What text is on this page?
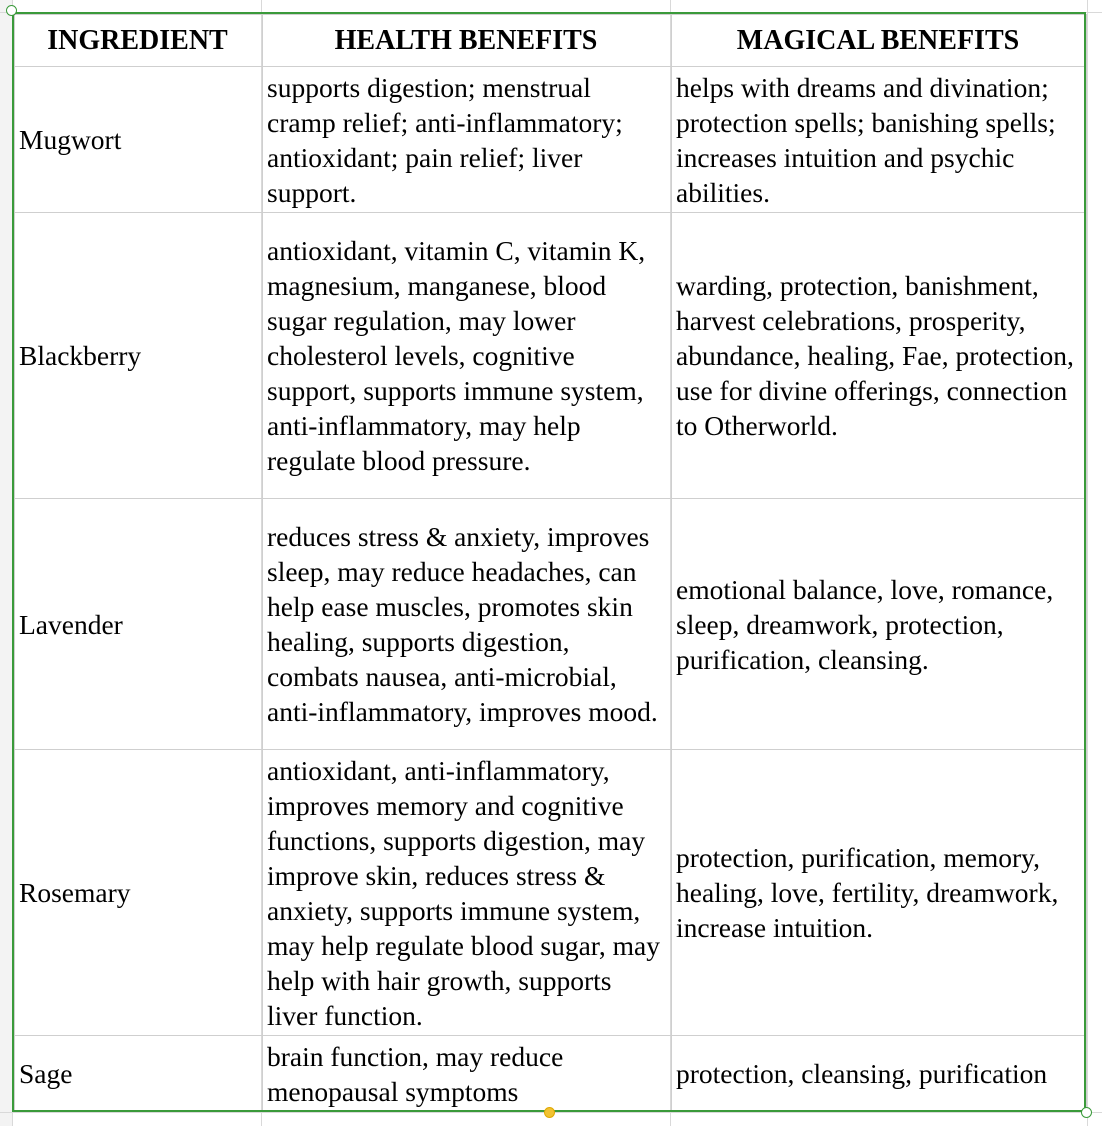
INGREDIENT	HEALTH BENEFITS	MAGICAL BENEFITS
Mugwort	supports digestion; menstrual cramp relief; anti-inflammatory; antioxidant; pain relief; liver support.	helps with dreams and divination; protection spells; banishing spells; increases intuition and psychic abilities.
Blackberry	antioxidant, vitamin C, vitamin K, magnesium, manganese, blood sugar regulation, may lower cholesterol levels, cognitive support, supports immune system, anti-inflammatory, may help regulate blood pressure.	warding, protection, banishment, harvest celebrations, prosperity, abundance, healing, Fae, protection, use for divine offerings, connection to Otherworld.
Lavender	reduces stress & anxiety, improves sleep, may reduce headaches, can help ease muscles, promotes skin healing, supports digestion, combats nausea, anti-microbial, anti-inflammatory, improves mood.	emotional balance, love, romance, sleep, dreamwork, protection, purification, cleansing.
Rosemary	antioxidant, anti-inflammatory, improves memory and cognitive functions, supports digestion, may improve skin, reduces stress & anxiety, supports immune system, may help regulate blood sugar, may help with hair growth, supports liver function.	protection, purification, memory, healing, love, fertility, dreamwork, increase intuition.
Sage	brain function, may reduce menopausal symptoms	protection, cleansing, purification
